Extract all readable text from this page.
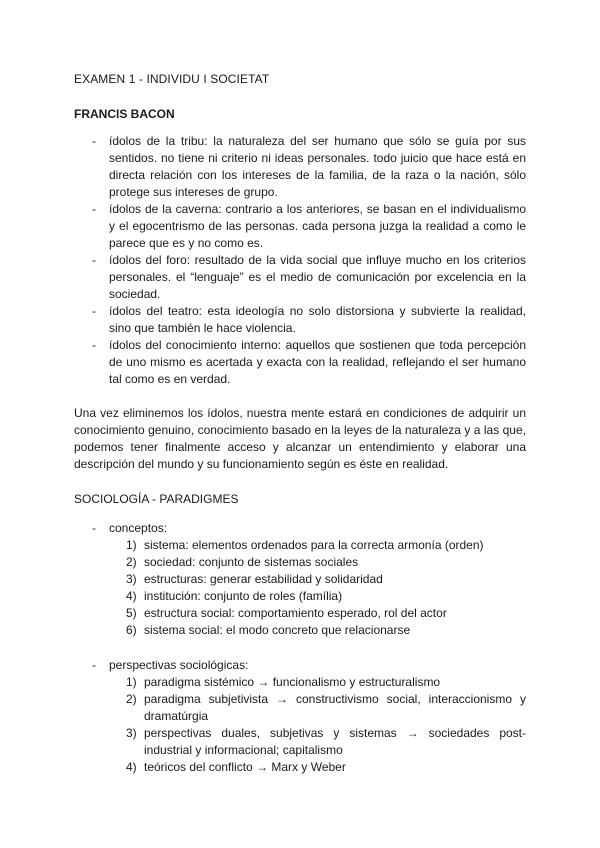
EXAMEN 1 - INDIVIDU I SOCIETAT
FRANCIS BACON
- ídolos de la tribu: la naturaleza del ser humano que sólo se guía por sus sentidos. no tiene ni criterio ni ideas personales. todo juicio que hace está en directa relación con los intereses de la familia, de la raza o la nación, sólo protege sus intereses de grupo.
- ídolos de la caverna: contrario a los anteriores, se basan en el individualismo y el egocentrismo de las personas. cada persona juzga la realidad a como le parece que es y no como es.
- ídolos del foro: resultado de la vida social que influye mucho en los criterios personales. el “lenguaje” es el medio de comunicación por excelencia en la sociedad.
- ídolos del teatro: esta ideología no solo distorsiona y subvierte la realidad, sino que también le hace violencia.
- ídolos del conocimiento interno: aquellos que sostienen que toda percepción de uno mismo es acertada y exacta con la realidad, reflejando el ser humano tal como es en verdad.

Una vez eliminemos los ídolos, nuestra mente estará en condiciones de adquirir un conocimiento genuino, conocimiento basado en la leyes de la naturaleza y a las que, podemos tener finalmente acceso y alcanzar un entendimiento y elaborar una descripción del mundo y su funcionamiento según es éste en realidad.

SOCIOLOGÍA - PARADIGMES
- conceptos:
1) sistema: elementos ordenados para la correcta armonía (orden)
2) sociedad: conjunto de sistemas sociales
3) estructuras: generar estabilidad y solidaridad
4) institución: conjunto de roles (família)
5) estructura social: comportamiento esperado, rol del actor
6) sistema social: el modo concreto que relacionarse
- perspectivas sociológicas:
1) paradigma sistémico → funcionalismo y estructuralismo
2) paradigma subjetivista → constructivismo social, interaccionismo y dramatúrgia
3) perspectivas duales, subjetivas y sistemas → sociedades post-industrial y informacional; capitalismo
4) teóricos del conflicto → Marx y Weber
